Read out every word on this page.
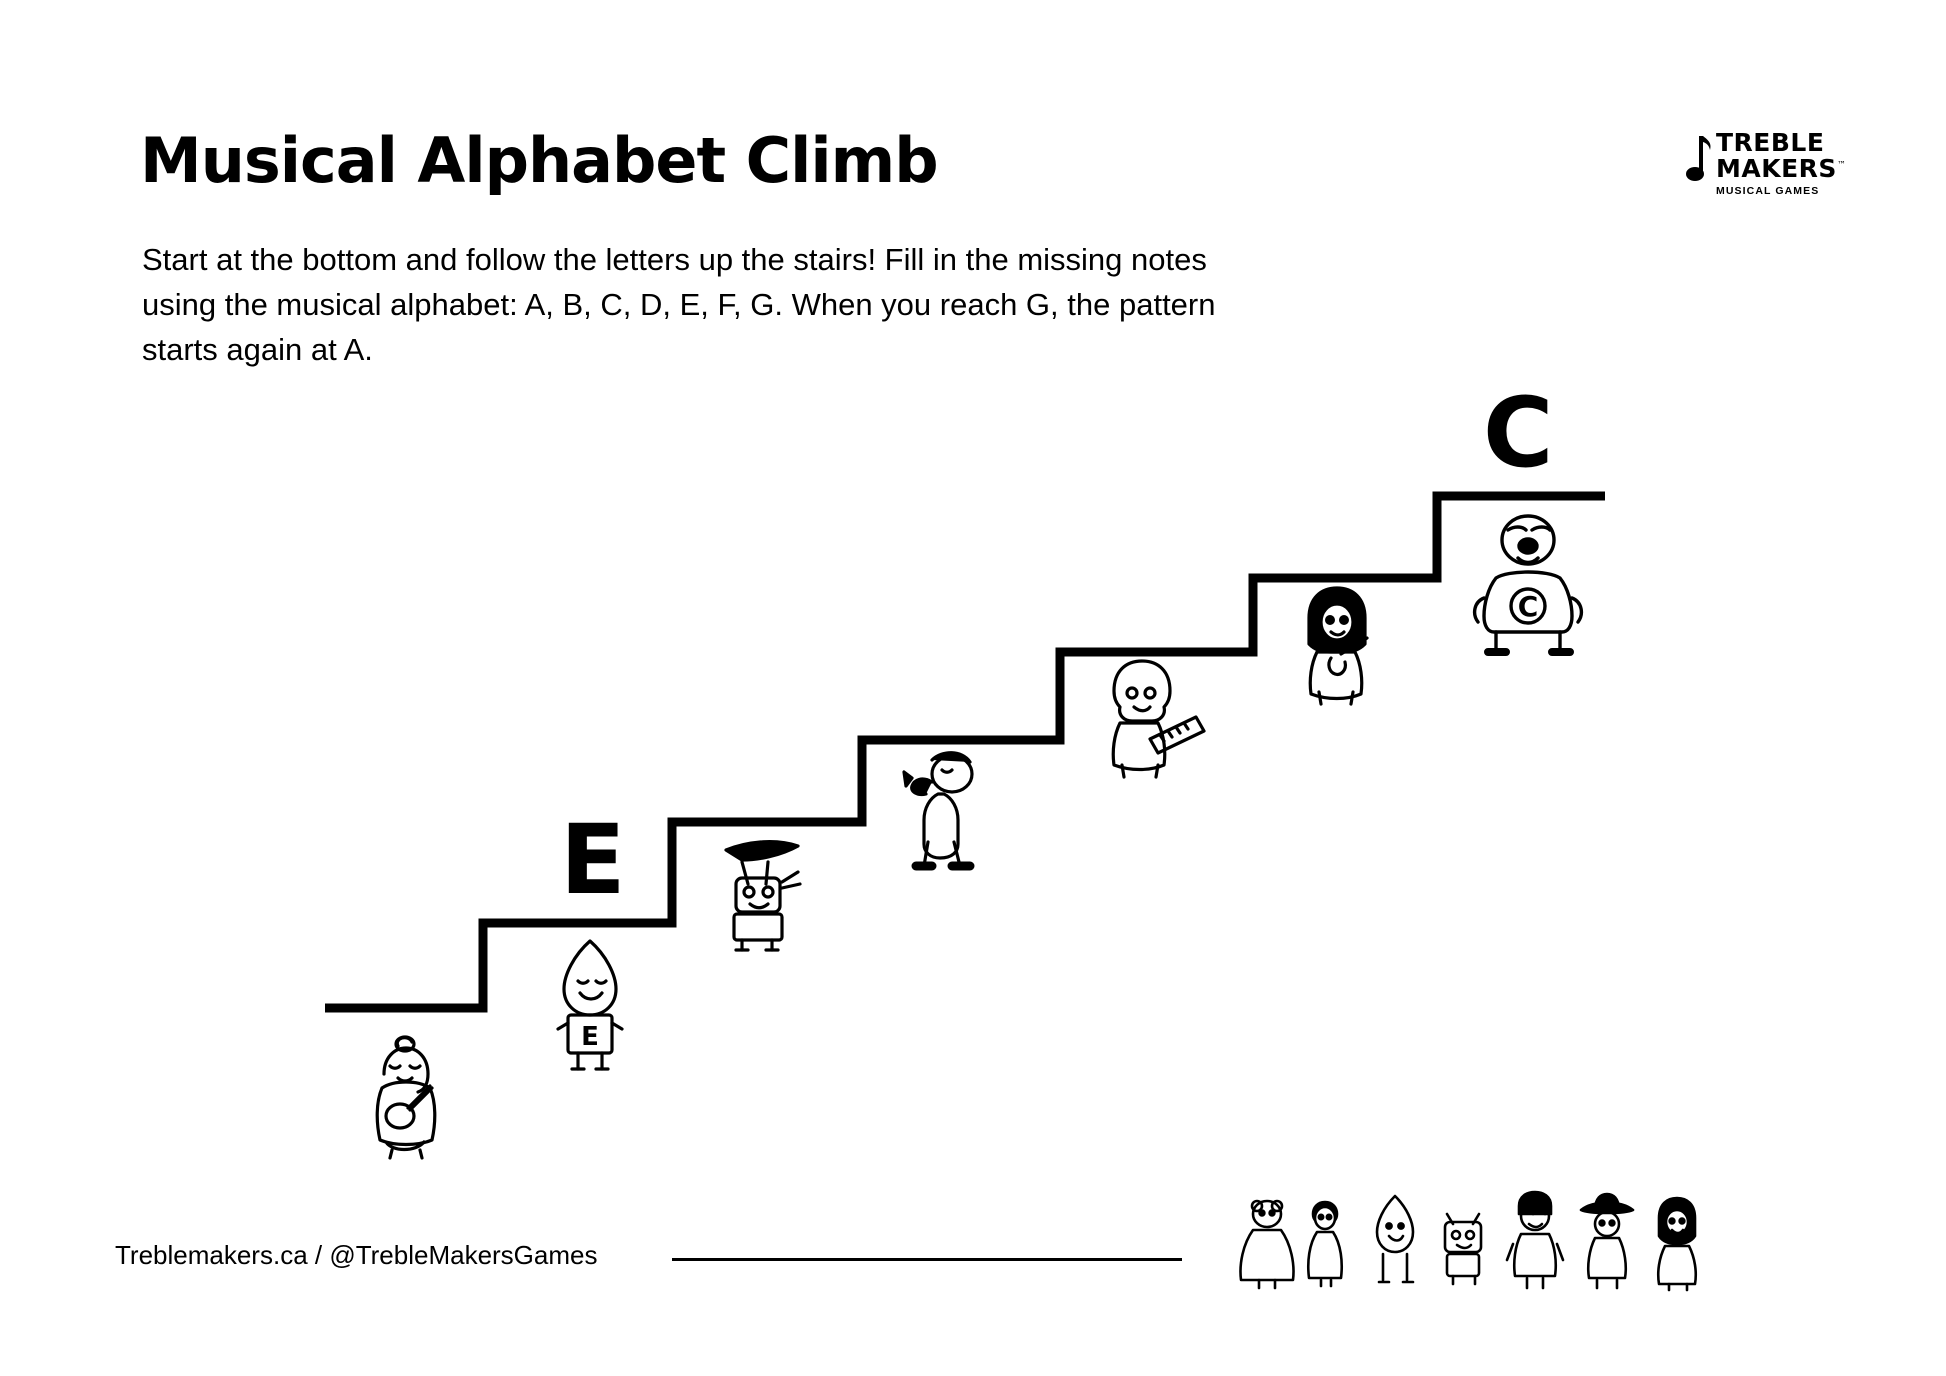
Musical Alphabet Climb
Start at the bottom and follow the letters up the stairs! Fill in the missing notes using the musical alphabet: A, B, C, D, E, F, G. When you reach G, the pattern starts again at A.
TREBLE
MAKERS™
MUSICAL GAMES
E
C
E
C
Treblemakers.ca / @TrebleMakersGames
